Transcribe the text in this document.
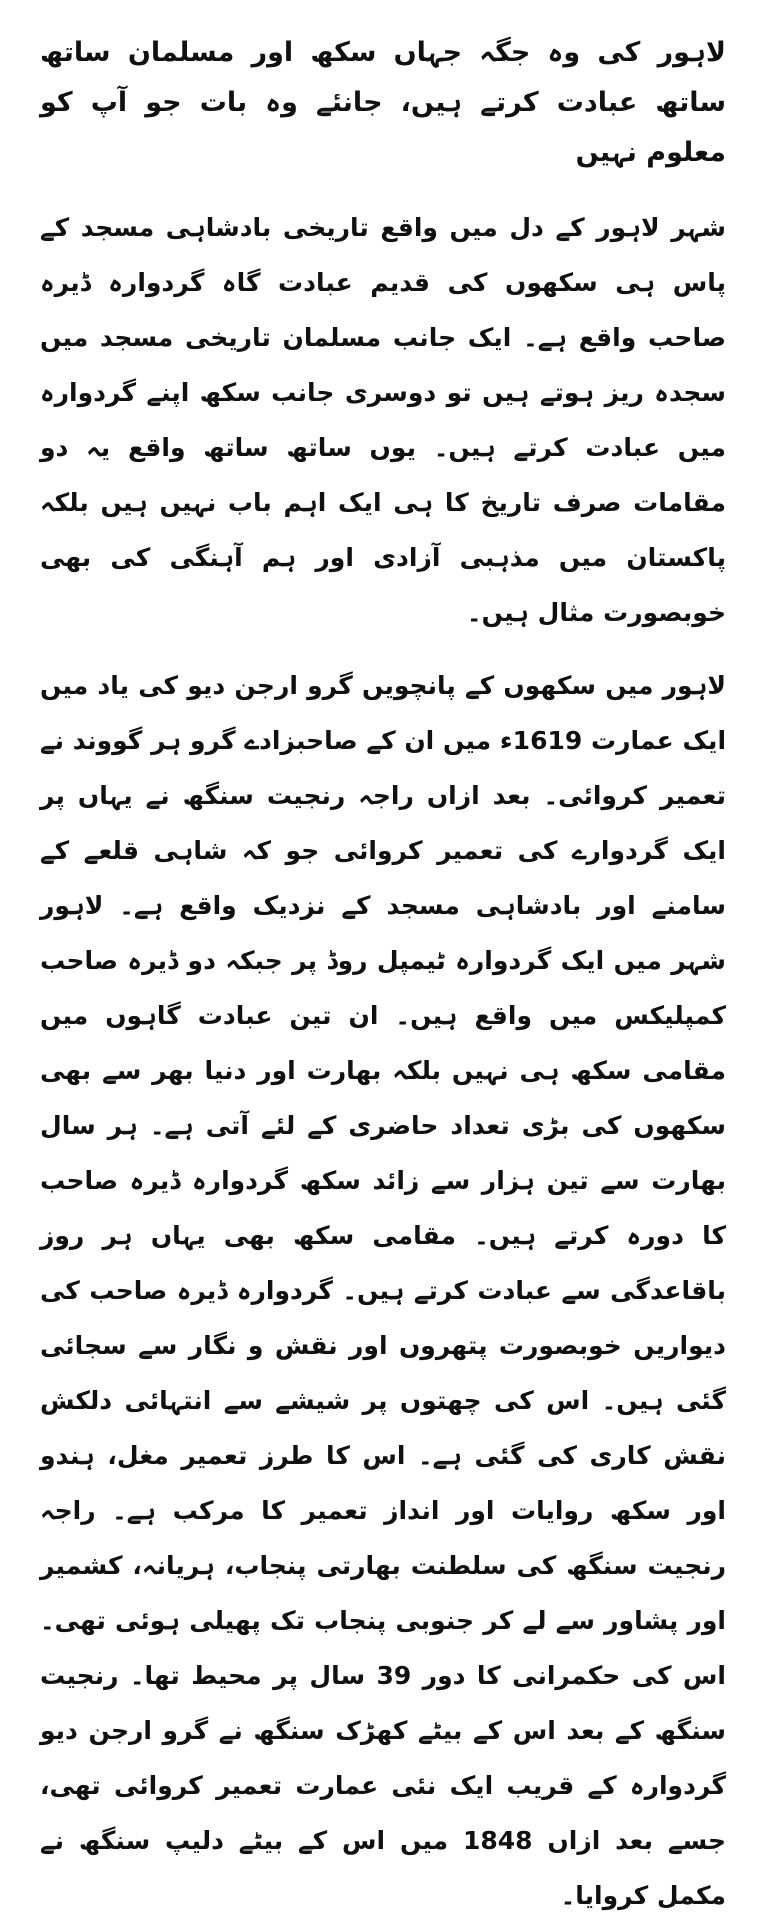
لاہور کی وہ جگہ جہاں سکھ اور مسلمان ساتھ ساتھ عبادت کرتے ہیں، جانئے وہ بات جو آپ کو معلوم نہیں

شہر لاہور کے دل میں واقع تاریخی بادشاہی مسجد کے پاس ہی سکھوں کی قدیم عبادت گاہ گردوارہ ڈیرہ صاحب واقع ہے۔ ایک جانب مسلمان تاریخی مسجد میں سجدہ ریز ہوتے ہیں تو دوسری جانب سکھ اپنے گردوارہ میں عبادت کرتے ہیں۔ یوں ساتھ ساتھ واقع یہ دو مقامات صرف تاریخ کا ہی ایک اہم باب نہیں ہیں بلکہ پاکستان میں مذہبی آزادی اور ہم آہنگی کی بھی خوبصورت مثال ہیں۔

لاہور میں سکھوں کے پانچویں گرو ارجن دیو کی یاد میں ایک عمارت 1619ء میں ان کے صاحبزادے گرو ہر گووند نے تعمیر کروائی۔ بعد ازاں راجہ رنجیت سنگھ نے یہاں پر ایک گردوارے کی تعمیر کروائی جو کہ شاہی قلعے کے سامنے اور بادشاہی مسجد کے نزدیک واقع ہے۔ لاہور شہر میں ایک گردوارہ ٹیمپل روڈ پر جبکہ دو ڈیرہ صاحب کمپلیکس میں واقع ہیں۔ ان تین عبادت گاہوں میں مقامی سکھ ہی نہیں بلکہ بھارت اور دنیا بھر سے بھی سکھوں کی بڑی تعداد حاضری کے لئے آتی ہے۔ ہر سال بھارت سے تین ہزار سے زائد سکھ گردوارہ ڈیرہ صاحب کا دورہ کرتے ہیں۔ مقامی سکھ بھی یہاں ہر روز باقاعدگی سے عبادت کرتے ہیں۔ گردوارہ ڈیرہ صاحب کی دیواریں خوبصورت پتھروں اور نقش و نگار سے سجائی گئی ہیں۔ اس کی چھتوں پر شیشے سے انتہائی دلکش نقش کاری کی گئی ہے۔ اس کا طرز تعمیر مغل، ہندو اور سکھ روایات اور انداز تعمیر کا مرکب ہے۔ راجہ رنجیت سنگھ کی سلطنت بھارتی پنجاب، ہریانہ، کشمیر اور پشاور سے لے کر جنوبی پنجاب تک پھیلی ہوئی تھی۔ اس کی حکمرانی کا دور 39 سال پر محیط تھا۔ رنجیت سنگھ کے بعد اس کے بیٹے کھڑک سنگھ نے گرو ارجن دیو گردوارہ کے قریب ایک نئی عمارت تعمیر کروائی تھی، جسے بعد ازاں 1848 میں اس کے بیٹے دلیپ سنگھ نے مکمل کروایا۔
